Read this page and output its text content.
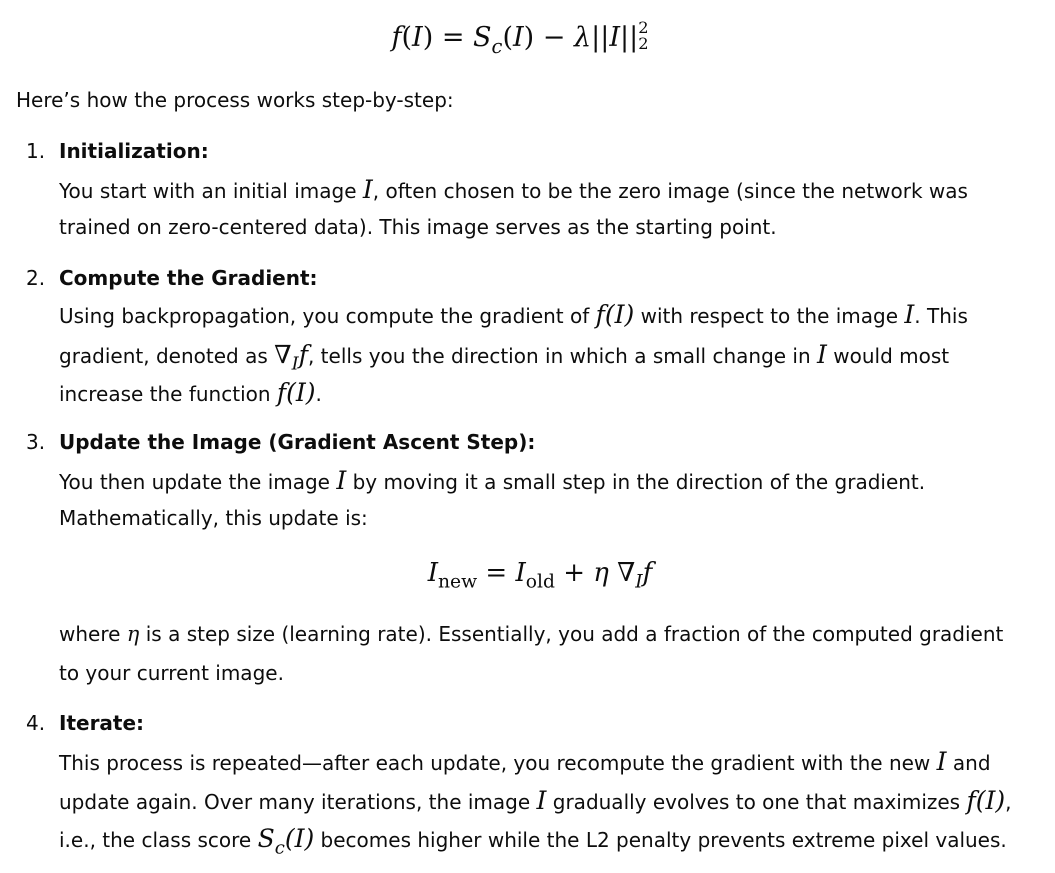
$f(I) = S_c(I) - \lambda||I||$ 2
2
Here’s how the process works step-by-step:
1. Initialization:
You start with an initial image I, often chosen to be the zero image (since the network was
trained on zero-centered data). This image serves as the starting point.
2. Compute the Gradient:
Using backpropagation, you compute the gradient of f(I) with respect to the image I. This
gradient, denoted as $\nabla_If$, tells you the direction in which a small change in I would most
increase the function f(I).
3. Update the Image (Gradient Ascent Step):
You then update the image I by moving it a small step in the direction of the gradient.
Mathematically, this update is:
$I_{new} = I_{old} + \eta$ $\nabla_If$
where η is a step size (learning rate). Essentially, you add a fraction of the computed gradient
to your current image.
4. Iterate:
This process is repeated—after each update, you recompute the gradient with the new I and
update again. Over many iterations, the image I gradually evolves to one that maximizes f(I),
i.e., the class score $S_c(I)$ becomes higher while the L2 penalty prevents extreme pixel values.
